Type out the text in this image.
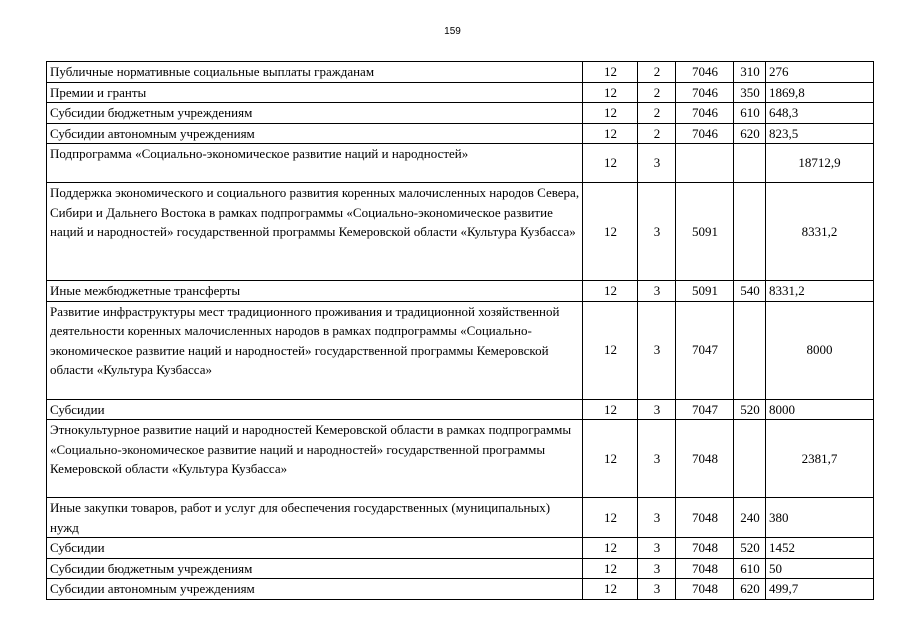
159
Публичные нормативные социальные выплаты гражданам	12	2	7046	310	276
Премии и гранты	12	2	7046	350	1869,8
Субсидии бюджетным учреждениям	12	2	7046	610	648,3
Субсидии автономным учреждениям	12	2	7046	620	823,5
Подпрограмма «Социально-экономическое развитие наций и народностей»	12	3			18712,9
Поддержка экономического и социального развития коренных малочисленных народов Севера, Сибири и Дальнего Востока в рамках подпрограммы «Социально-экономическое развитие наций и народностей» государственной программы Кемеровской области «Культура Кузбасса»	12	3	5091		8331,2
Иные межбюджетные трансферты	12	3	5091	540	8331,2
Развитие инфраструктуры мест традиционного проживания и традиционной хозяйственной деятельности коренных малочисленных народов в рамках подпрограммы «Социально-экономическое развитие наций и народностей» государственной программы Кемеровской области «Культура Кузбасса»	12	3	7047		8000
Субсидии	12	3	7047	520	8000
Этнокультурное развитие наций и народностей Кемеровской области в рамках подпрограммы «Социально-экономическое развитие наций и народностей» государственной программы Кемеровской области «Культура Кузбасса»	12	3	7048		2381,7
Иные закупки товаров, работ и услуг для обеспечения государственных (муниципальных) нужд	12	3	7048	240	380
Субсидии	12	3	7048	520	1452
Субсидии бюджетным учреждениям	12	3	7048	610	50
Субсидии автономным учреждениям	12	3	7048	620	499,7
